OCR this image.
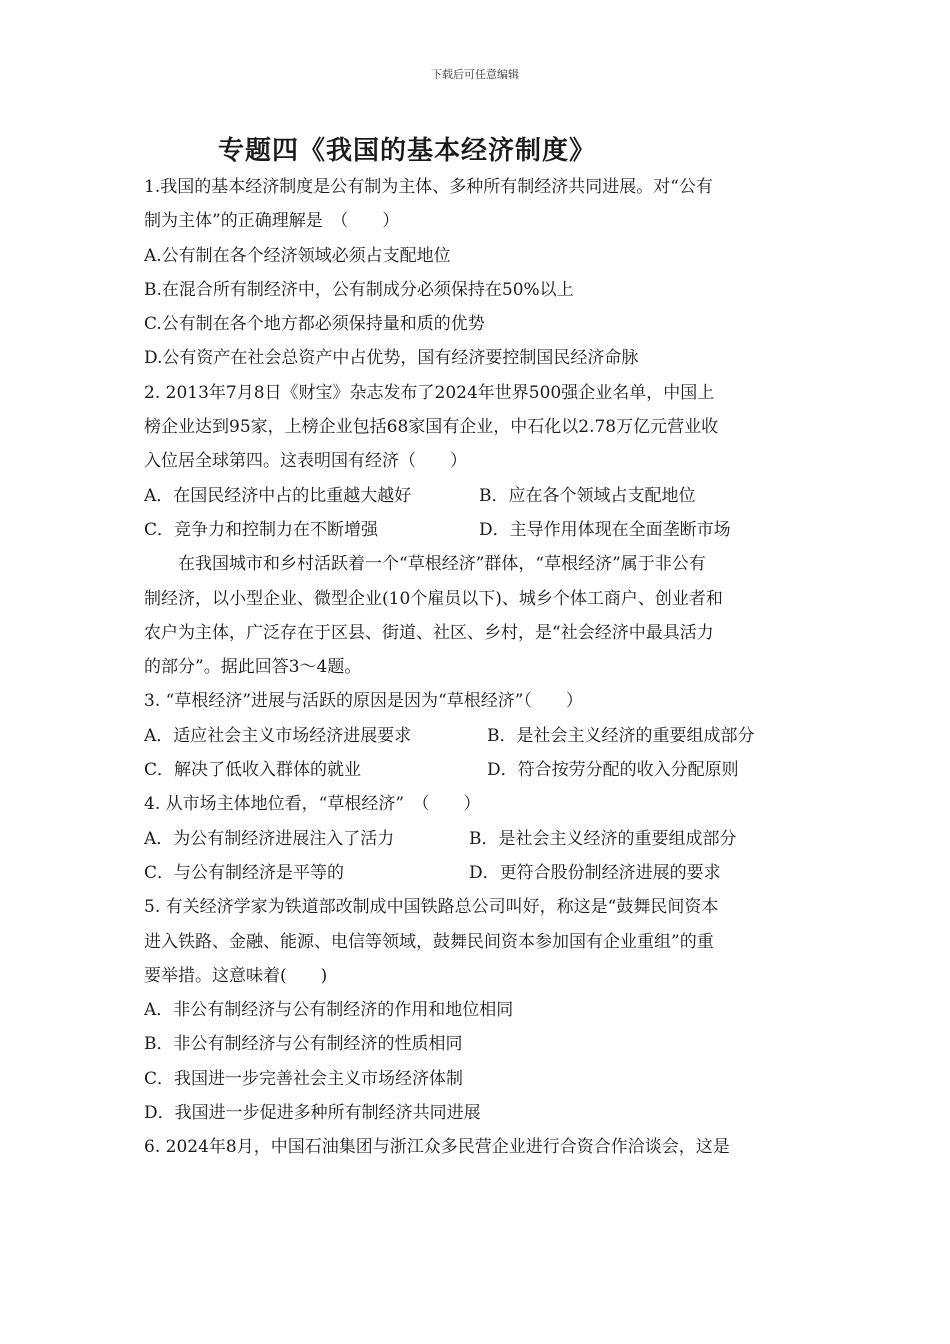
下载后可任意编辑
专题四《我国的基本经济制度》
1.我国的基本经济制度是公有制为主体、多种所有制经济共同进展。对“公有
制为主体”的正确理解是　（　　）
A.公有制在各个经济领域必须占支配地位
B.在混合所有制经济中，公有制成分必须保持在50%以上
C.公有制在各个地方都必须保持量和质的优势
D.公有资产在社会总资产中占优势，国有经济要控制国民经济命脉
2. 2013年7月8日《财宝》杂志发布了2024年世界500强企业名单，中国上
榜企业达到95家，上榜企业包括68家国有企业，中石化以2.78万亿元营业收
入位居全球第四。这表明国有经济（　　）
A．在国民经济中占的比重越大越好	B．应在各个领域占支配地位
C．竞争力和控制力在不断增强	D．主导作用体现在全面垄断市场
在我国城市和乡村活跃着一个“草根经济”群体，“草根经济”属于非公有
制经济，以小型企业、微型企业(10个雇员以下)、城乡个体工商户、创业者和
农户为主体，广泛存在于区县、街道、社区、乡村，是“社会经济中最具活力
的部分”。据此回答3～4题。
3. “草根经济”进展与活跃的原因是因为“草根经济”（　　）
A．适应社会主义市场经济进展要求	B．是社会主义经济的重要组成部分
C．解决了低收入群体的就业	D．符合按劳分配的收入分配原则
4. 从市场主体地位看，“草根经济”　（　　）
A．为公有制经济进展注入了活力	B．是社会主义经济的重要组成部分
C．与公有制经济是平等的	D．更符合股份制经济进展的要求
5. 有关经济学家为铁道部改制成中国铁路总公司叫好，称这是“鼓舞民间资本
进入铁路、金融、能源、电信等领域，鼓舞民间资本参加国有企业重组”的重
要举措。这意味着(　　)
A．非公有制经济与公有制经济的作用和地位相同
B．非公有制经济与公有制经济的性质相同
C．我国进一步完善社会主义市场经济体制
D．我国进一步促进多种所有制经济共同进展
6. 2024年8月，中国石油集团与浙江众多民营企业进行合资合作洽谈会，这是
